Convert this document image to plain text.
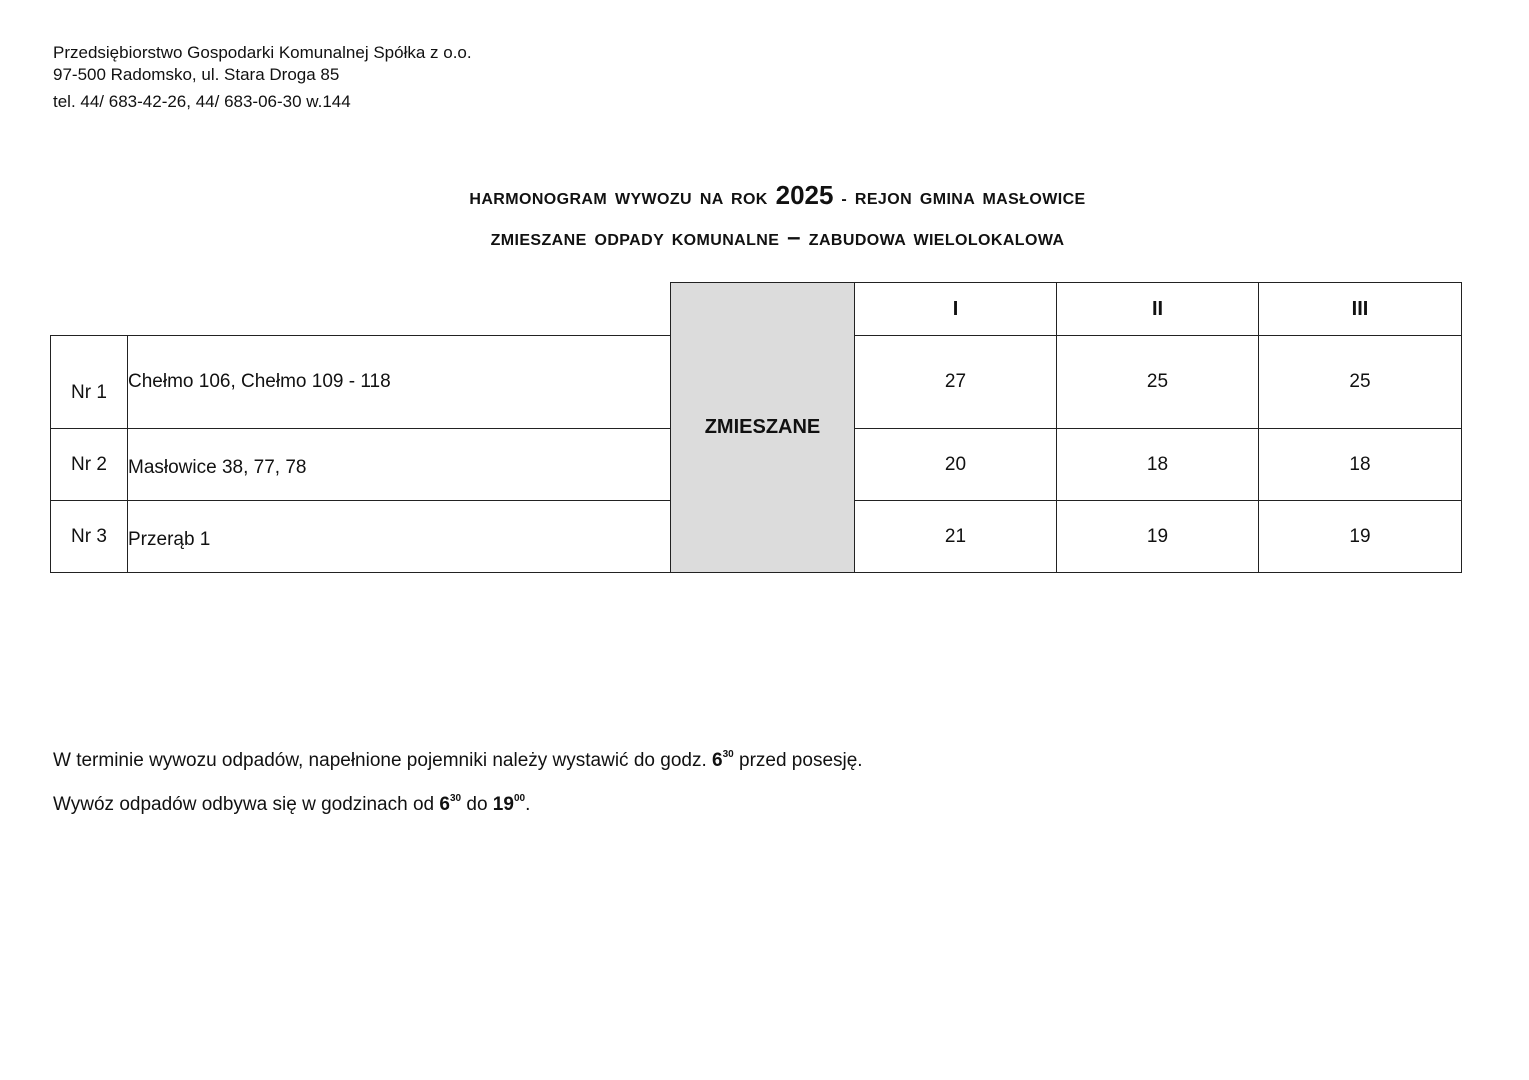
Przedsiębiorstwo Gospodarki Komunalnej Spółka z o.o.
97-500 Radomsko, ul. Stara Droga 85
tel. 44/ 683-42-26, 44/ 683-06-30 w.144
HARMONOGRAM WYWOZU NA ROK 2025 - REJON GMINA MASŁOWICE
ZMIESZANE ODPADY KOMUNALNE – ZABUDOWA WIELOLOKALOWA
		ZMIESZANE	I	II	III
Nr 1	Chełmo 106, Chełmo 109 - 118		27	25	25
Nr 2	Masłowice 38, 77, 78		20	18	18
Nr 3	Przerąb 1		21	19	19
W terminie wywozu odpadów, napełnione pojemniki należy wystawić do godz. $6^{30}$ przed posesję.
Wywóz odpadów odbywa się w godzinach od $6^{30}$ do $19^{00}$.
